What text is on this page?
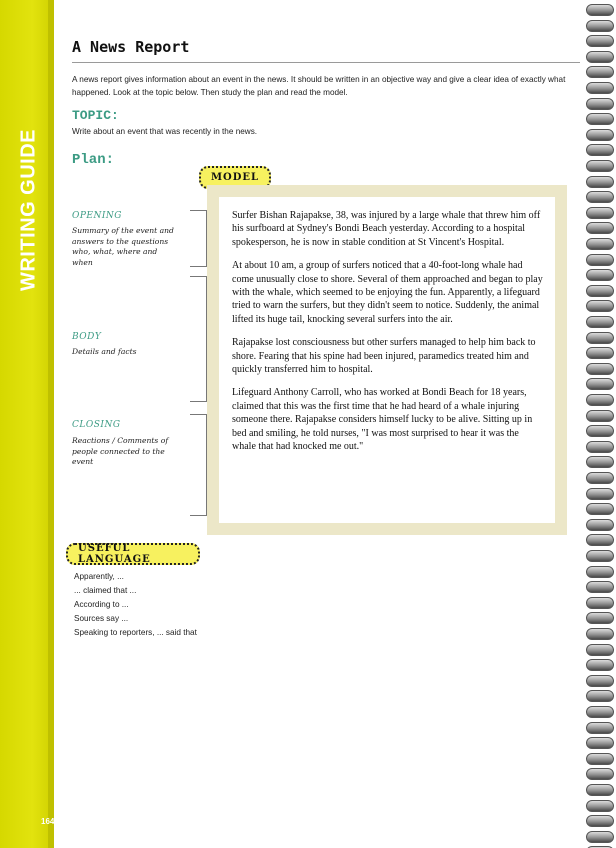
WRITING GUIDE
164
A News Report
A news report gives information about an event in the news. It should be written in an objective way and give a clear idea of exactly what happened. Look at the topic below. Then study the plan and read the model.
TOPIC:
Write about an event that was recently in the news.
Plan:
OPENING
Summary of the event and answers to the questions who, what, where and when
BODY
Details and facts
CLOSING
Reactions / Comments of people connected to the event
MODEL

Surfer Bishan Rajapakse, 38, was injured by a large whale that threw him off his surfboard at Sydney's Bondi Beach yesterday. According to a hospital spokesperson, he is now in stable condition at St Vincent's Hospital.

At about 10 am, a group of surfers noticed that a 40-foot-long whale had come unusually close to shore. Several of them approached and began to play with the whale, which seemed to be enjoying the fun. Apparently, a lifeguard tried to warn the surfers, but they didn't seem to notice. Suddenly, the animal lifted its huge tail, knocking several surfers into the air.

Rajapakse lost consciousness but other surfers managed to help him back to shore. Fearing that his spine had been injured, paramedics treated him and quickly transferred him to hospital.

Lifeguard Anthony Carroll, who has worked at Bondi Beach for 18 years, claimed that this was the first time that he had heard of a whale injuring someone there. Rajapakse considers himself lucky to be alive. Sitting up in bed and smiling, he told nurses, "I was most surprised to hear it was the whale that had knocked me out."

USEFUL LANGUAGE
Apparently, ...
... claimed that ...
According to ...
Sources say ...
Speaking to reporters, ... said that
